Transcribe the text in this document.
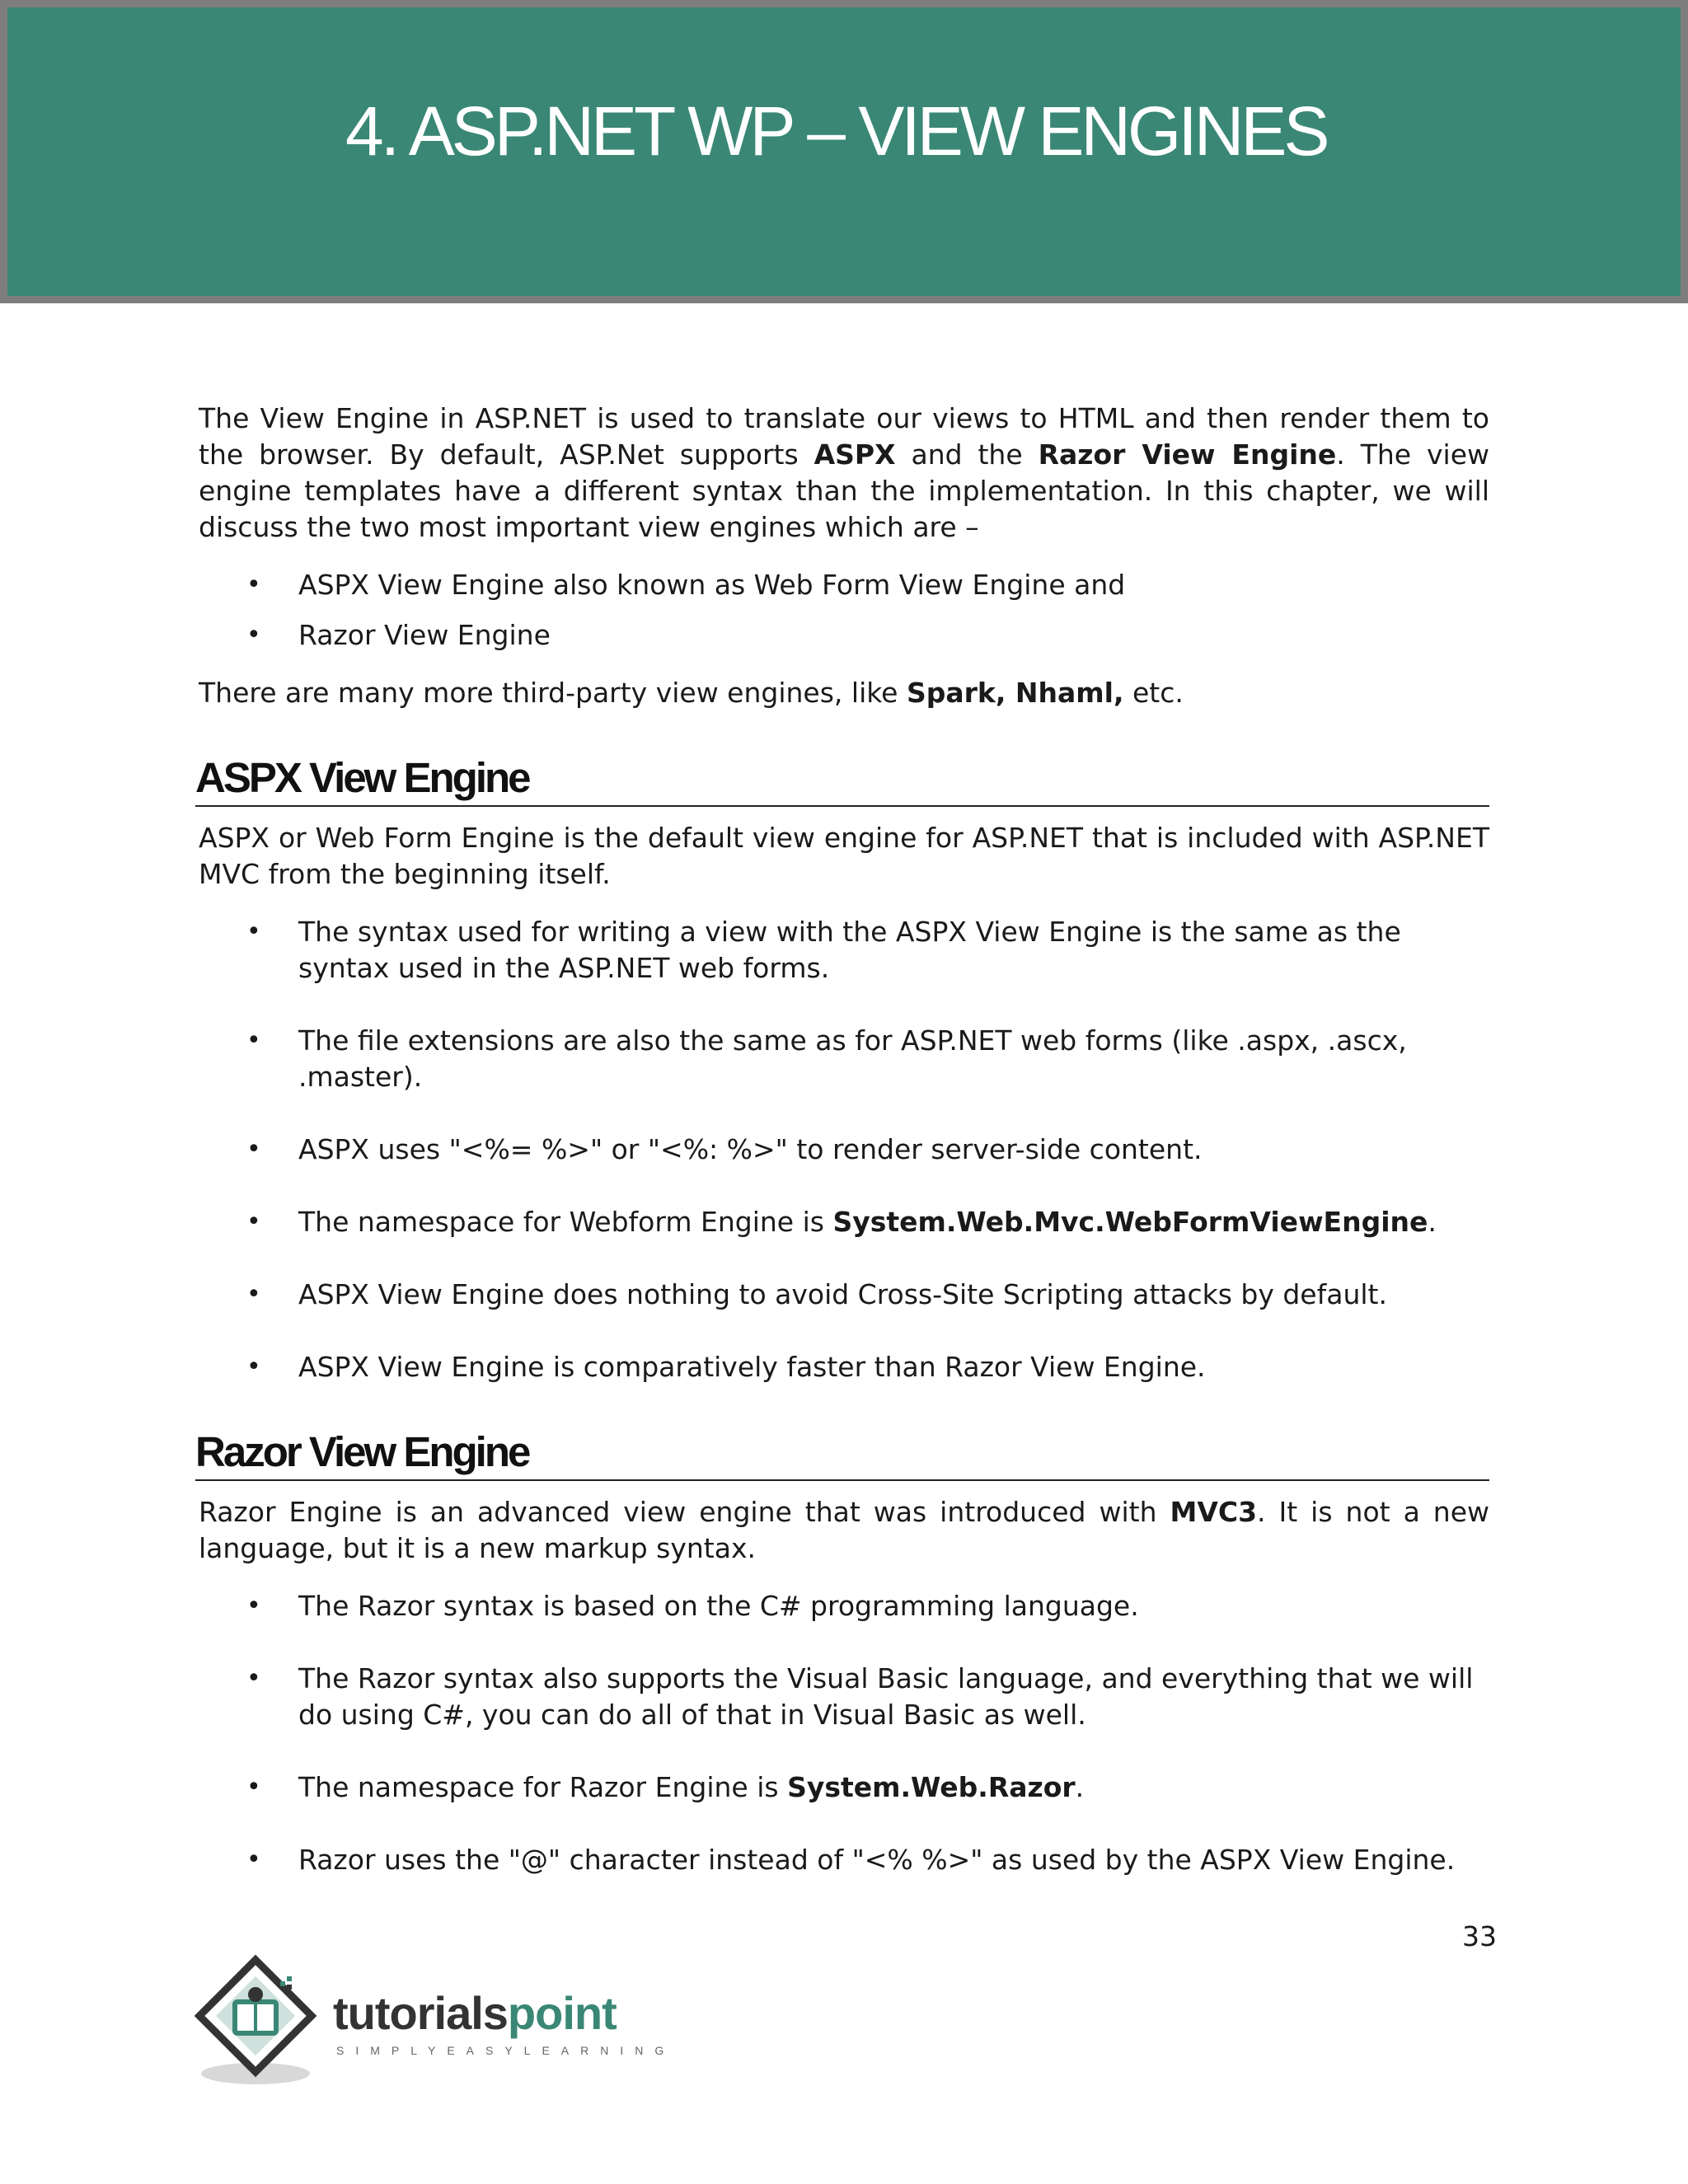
4. ASP.NET WP – VIEW ENGINES

The View Engine in ASP.NET is used to translate our views to HTML and then render them to the browser. By default, ASP.Net supports ASPX and the Razor View Engine. The view engine templates have a different syntax than the implementation. In this chapter, we will discuss the two most important view engines which are –

• ASPX View Engine also known as Web Form View Engine and
• Razor View Engine

There are many more third-party view engines, like Spark, Nhaml, etc.

ASPX View Engine

ASPX or Web Form Engine is the default view engine for ASP.NET that is included with ASP.NET MVC from the beginning itself.

• The syntax used for writing a view with the ASPX View Engine is the same as the syntax used in the ASP.NET web forms.
• The file extensions are also the same as for ASP.NET web forms (like .aspx, .ascx, .master).
• ASPX uses "<%= %>" or "<%: %>" to render server-side content.
• The namespace for Webform Engine is System.Web.Mvc.WebFormViewEngine.
• ASPX View Engine does nothing to avoid Cross-Site Scripting attacks by default.
• ASPX View Engine is comparatively faster than Razor View Engine.
Razor View Engine

Razor Engine is an advanced view engine that was introduced with MVC3. It is not a new language, but it is a new markup syntax.

• The Razor syntax is based on the C# programming language.
• The Razor syntax also supports the Visual Basic language, and everything that we will do using C#, you can do all of that in Visual Basic as well.
• The namespace for Razor Engine is System.Web.Razor.
• Razor uses the "@" character instead of "<% %>" as used by the ASPX View Engine.
33
tutorialspoint
SIMPLYEASYLEARNING
